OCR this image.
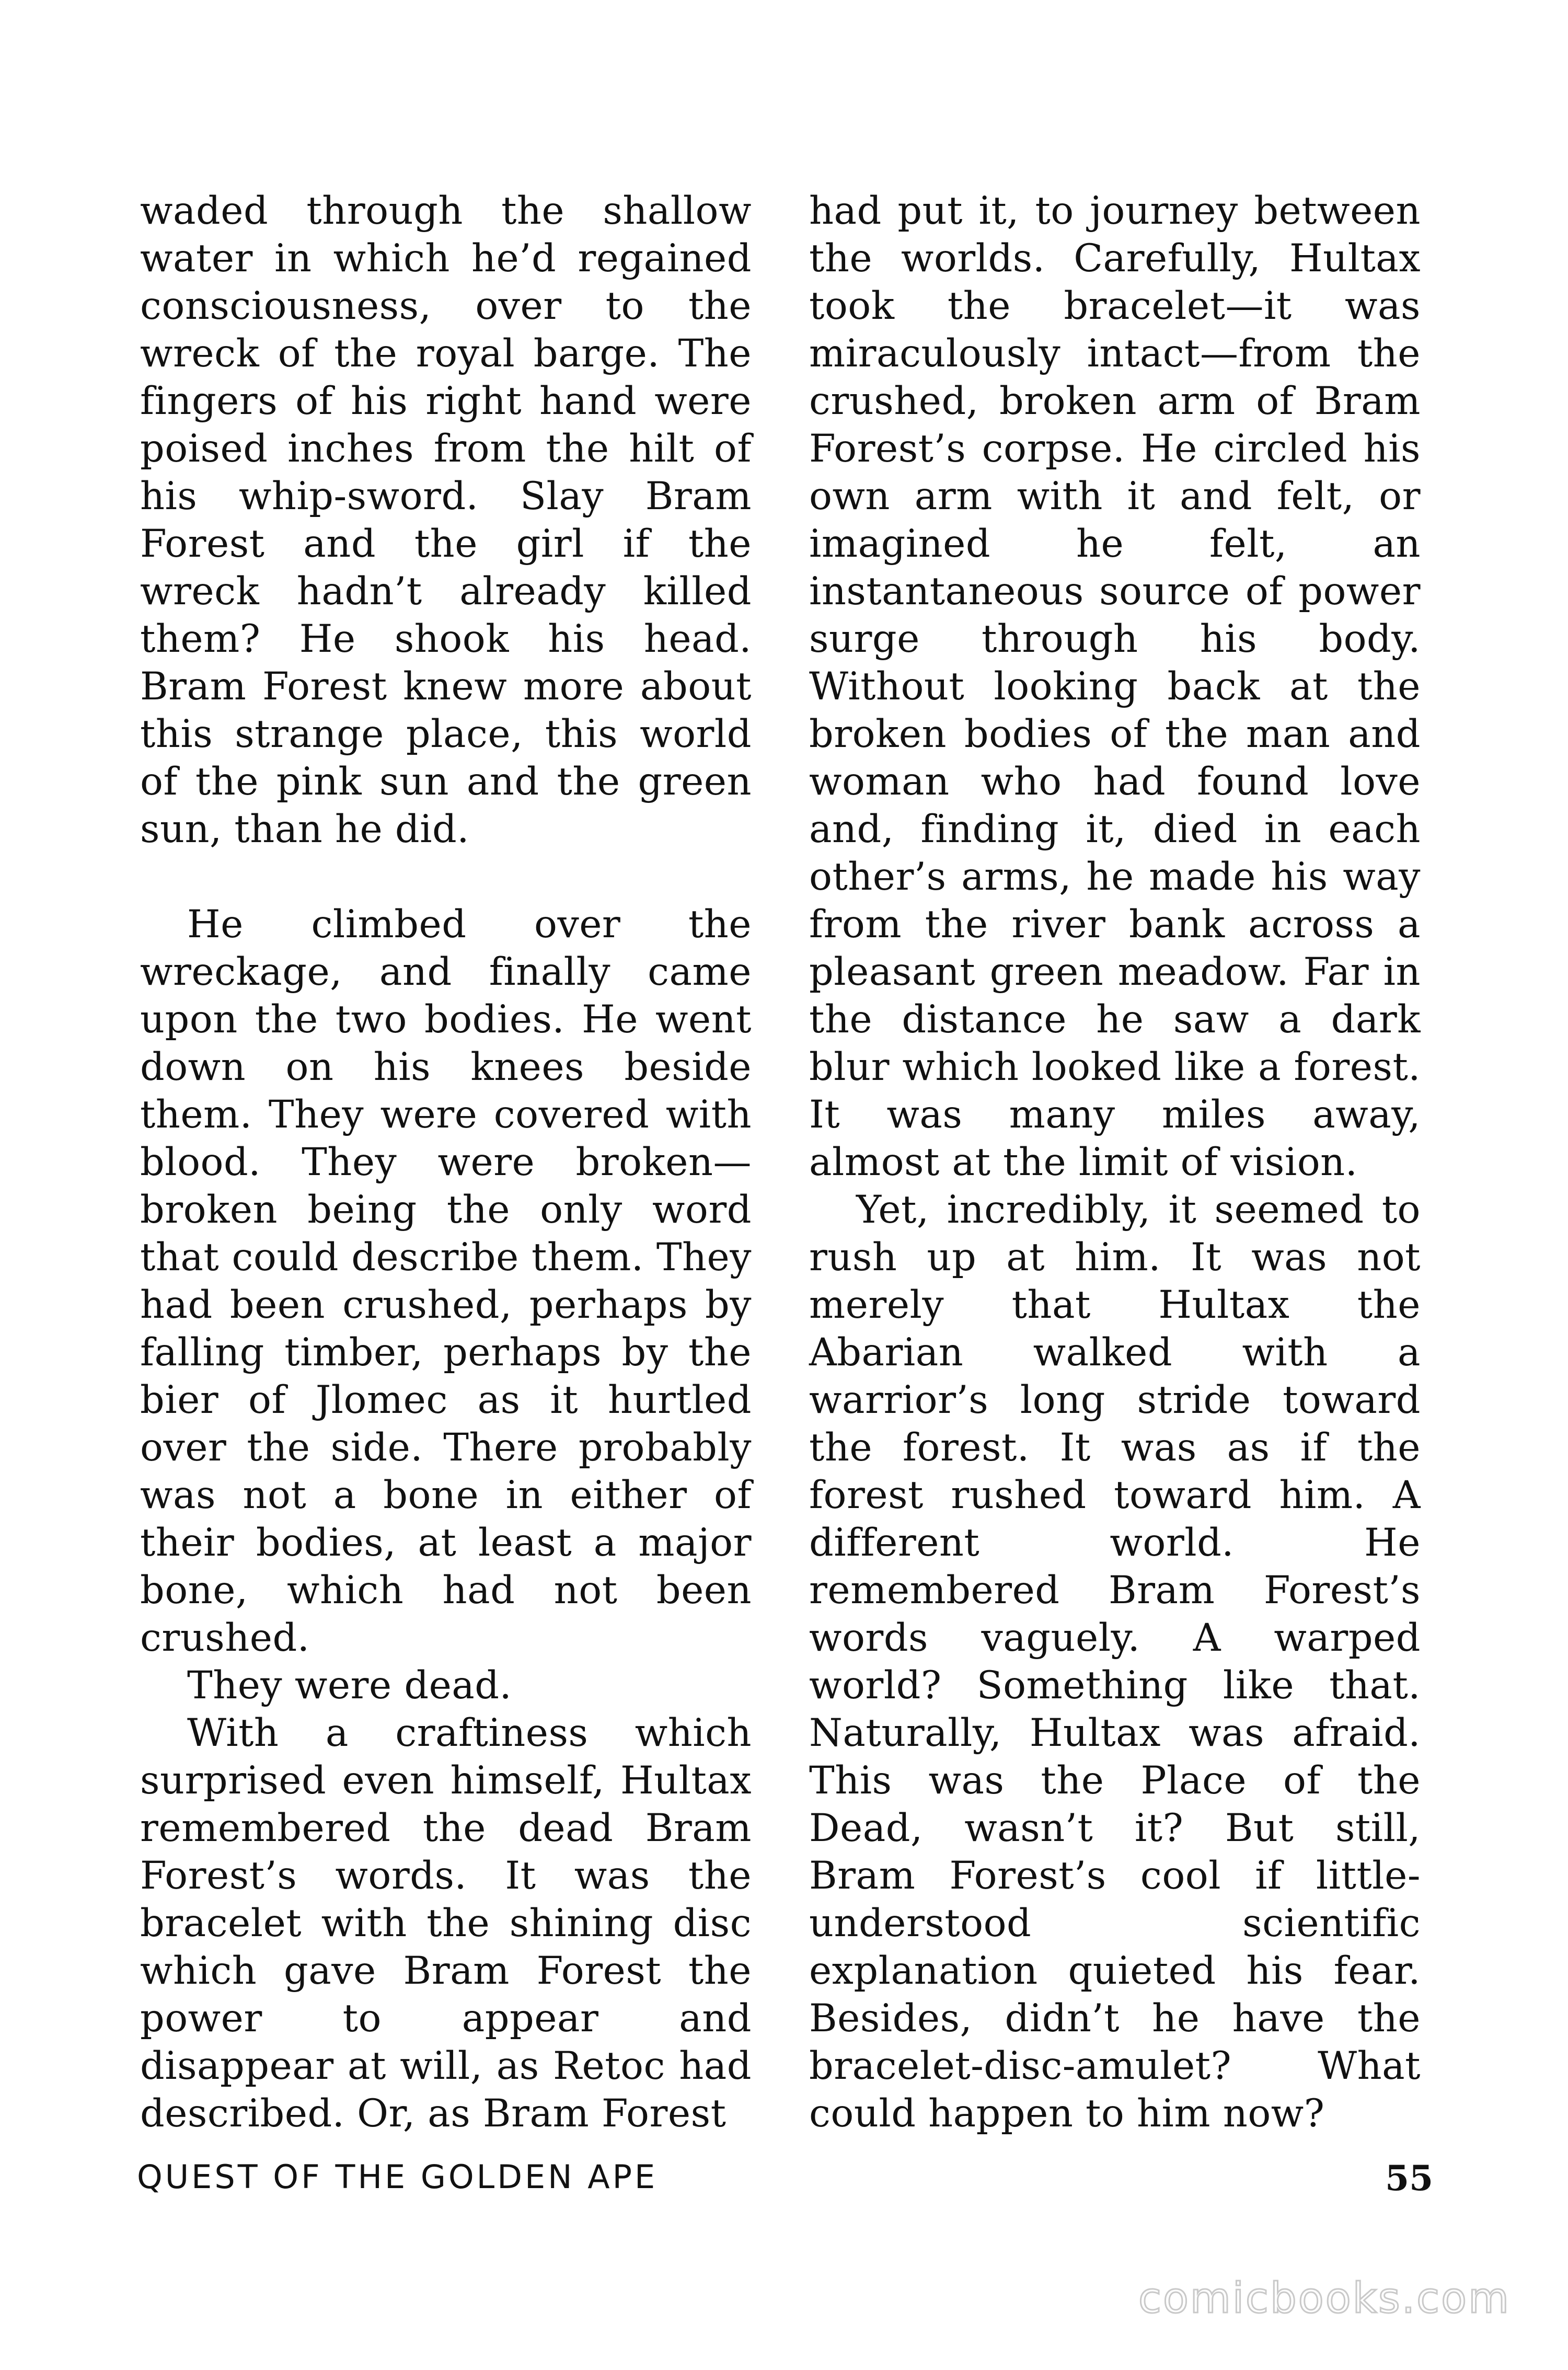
waded through the shallow water in which he’d regained consciousness, over to the wreck of the royal barge. The fingers of his right hand were poised inches from the hilt of his whip-sword. Slay Bram Forest and the girl if the wreck hadn’t already killed them? He shook his head. Bram Forest knew more about this strange place, this world of the pink sun and the green sun, than he did.

He climbed over the wreckage, and finally came upon the two bodies. He went down on his knees beside them. They were covered with blood. They were broken— broken being the only word that could describe them. They had been crushed, perhaps by falling timber, perhaps by the bier of Jlomec as it hurtled over the side. There probably was not a bone in either of their bodies, at least a major bone, which had not been crushed.

They were dead.

With a craftiness which surprised even himself, Hultax remembered the dead Bram Forest’s words. It was the bracelet with the shining disc which gave Bram Forest the power to appear and disappear at will, as Retoc had described. Or, as Bram Forest

had put it, to journey between the worlds. Carefully, Hultax took the bracelet—it was miraculously intact—from the crushed, broken arm of Bram Forest’s corpse. He circled his own arm with it and felt, or imagined he felt, an instantaneous source of power surge through his body. Without looking back at the broken bodies of the man and woman who had found love and, finding it, died in each other’s arms, he made his way from the river bank across a pleasant green meadow. Far in the distance he saw a dark blur which looked like a forest. It was many miles away, almost at the limit of vision.

Yet, incredibly, it seemed to rush up at him. It was not merely that Hultax the Abarian walked with a warrior’s long stride toward the forest. It was as if the forest rushed toward him. A different world. He remembered Bram Forest’s words vaguely. A warped world? Something like that. Naturally, Hultax was afraid. This was the Place of the Dead, wasn’t it? But still, Bram Forest’s cool if little-understood scientific explanation quieted his fear. Besides, didn’t he have the bracelet-disc-amulet? What could happen to him now?

QUEST OF THE GOLDEN APE	55
comicbooks.com
